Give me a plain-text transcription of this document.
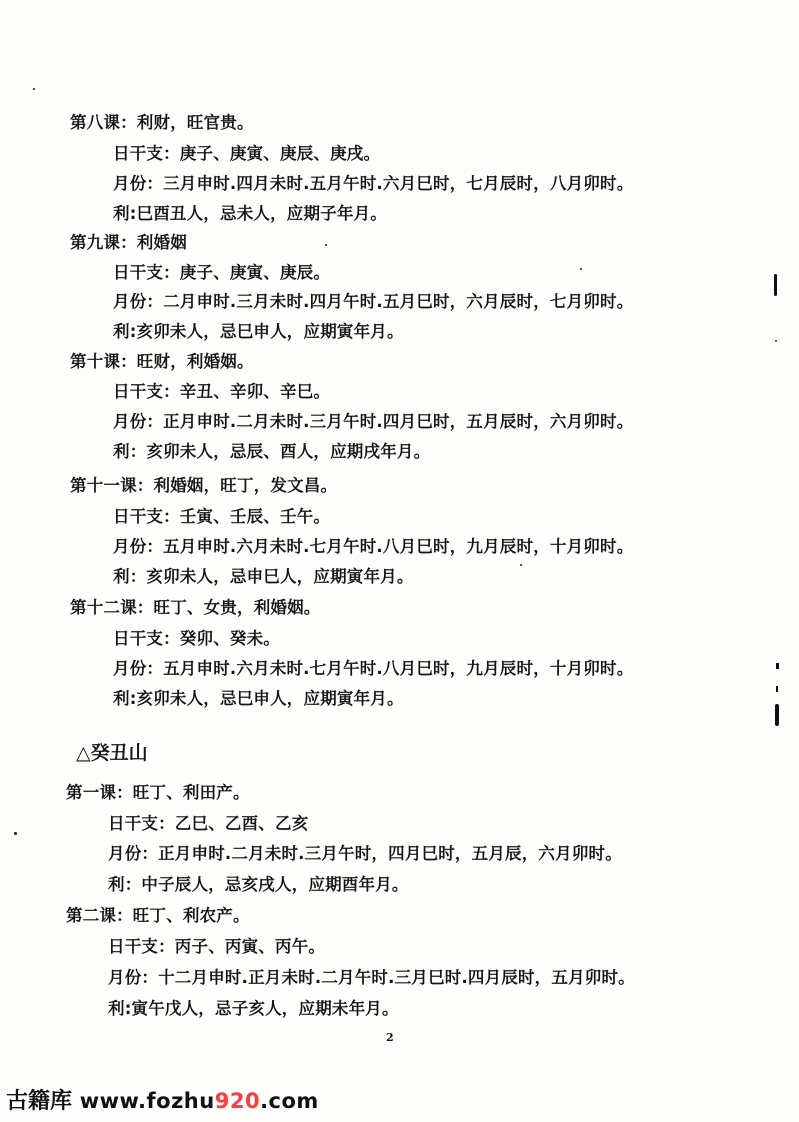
第八课：利财，旺官贵。
日干支：庚子、庚寅、庚辰、庚戌。
月份：三月申时.四月未时.五月午时.六月巳时，七月辰时，八月卯时。
利:巳酉丑人，忌未人，应期子年月。
第九课：利婚姻
日干支：庚子、庚寅、庚辰。
月份：二月申时.三月未时.四月午时.五月巳时，六月辰时，七月卯时。
利:亥卯未人，忌巳申人，应期寅年月。
第十课：旺财，利婚姻。
日干支：辛丑、辛卯、辛巳。
月份：正月申时.二月未时.三月午时.四月巳时，五月辰时，六月卯时。
利：亥卯未人，忌辰、酉人，应期戌年月。
第十一课：利婚姻，旺丁，发文昌。
日干支：壬寅、壬辰、壬午。
月份：五月申时.六月未时.七月午时.八月巳时，九月辰时，十月卯时。
利：亥卯未人，忌申巳人，应期寅年月。
第十二课：旺丁、女贵，利婚姻。
日干支：癸卯、癸未。
月份：五月申时.六月未时.七月午时.八月巳时，九月辰时，十月卯时。
利:亥卯未人，忌巳申人，应期寅年月。
△癸丑山
第一课：旺丁、利田产。
日干支：乙巳、乙酉、乙亥
月份：正月申时.二月未时.三月午时，四月巳时，五月辰，六月卯时。
利：中子辰人，忌亥戌人，应期酉年月。
第二课：旺丁、利农产。
日干支：丙子、丙寅、丙午。
月份：十二月申时.正月未时.二月午时.三月巳时.四月辰时，五月卯时。
利:寅午戊人，忌子亥人，应期未年月。
2
古籍库 www.fozhu920.com
